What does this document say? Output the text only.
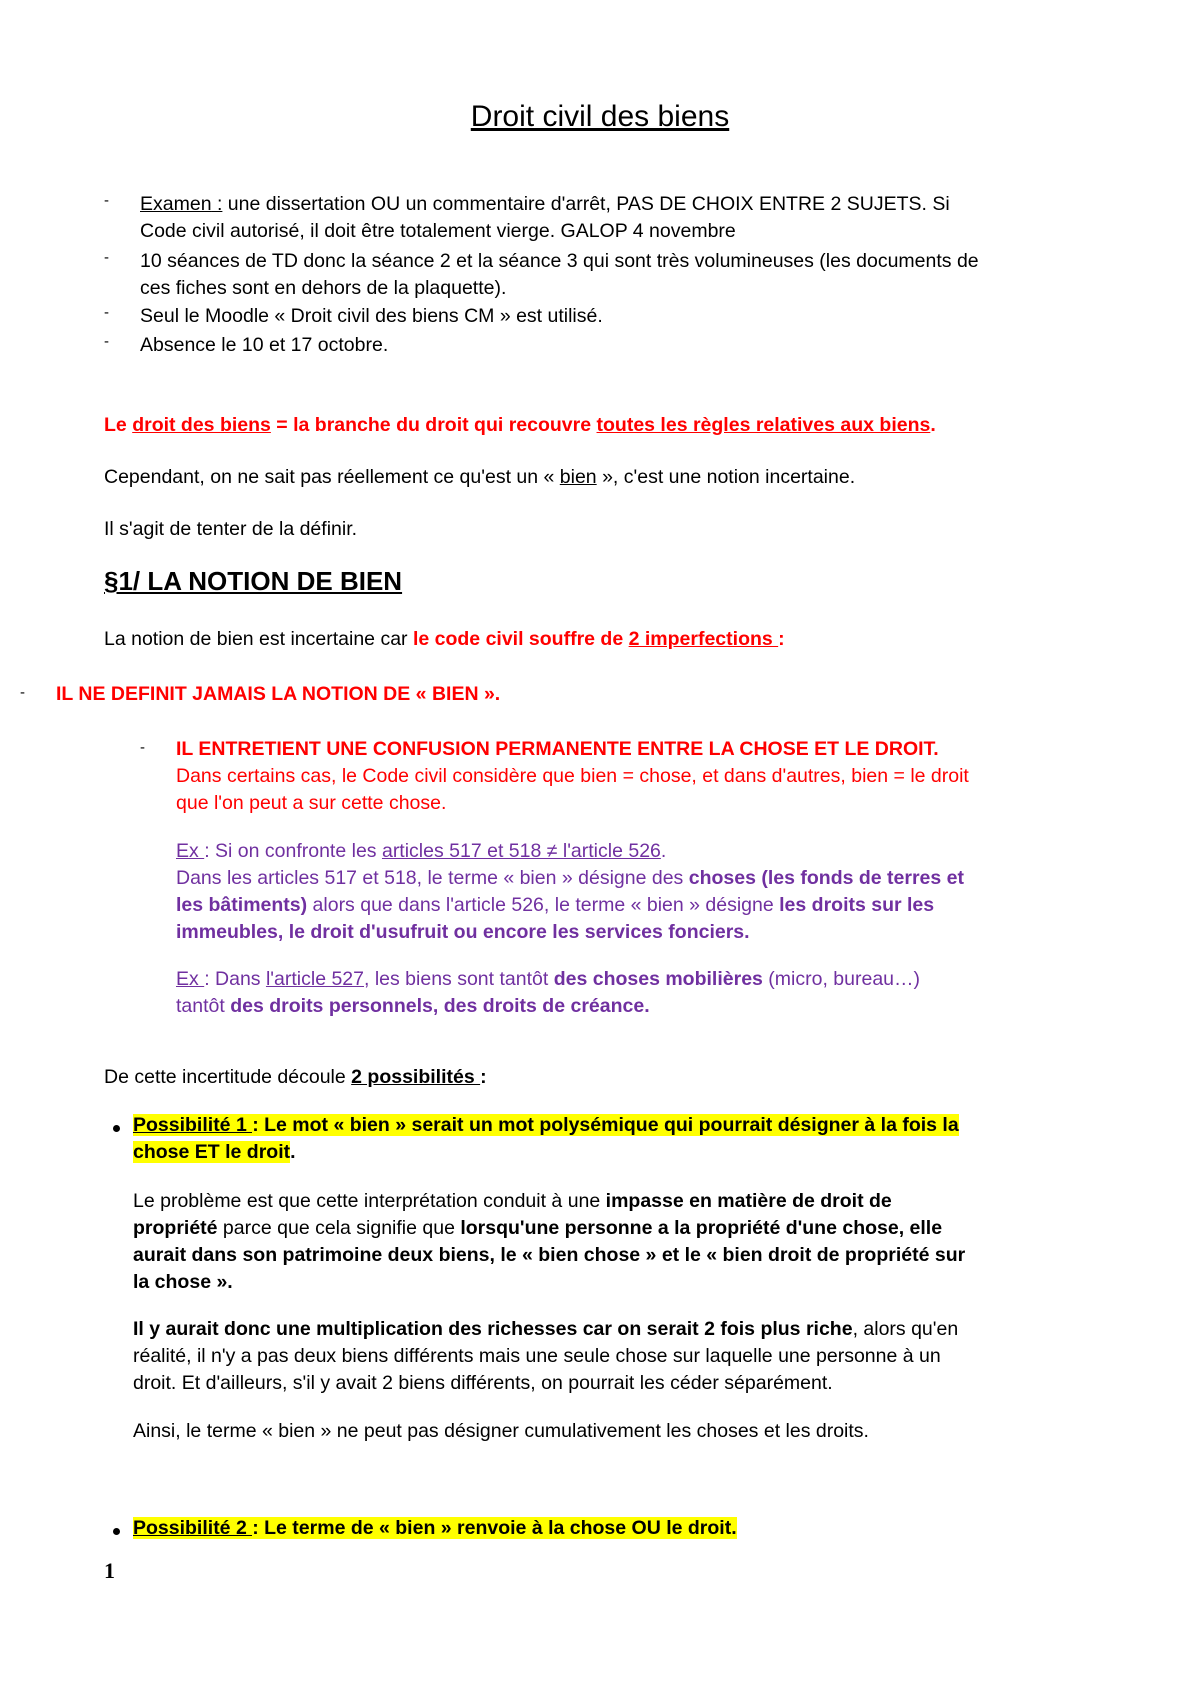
Droit civil des biens
- Examen : une dissertation OU un commentaire d'arrêt, PAS DE CHOIX ENTRE 2 SUJETS. Si
Code civil autorisé, il doit être totalement vierge. GALOP 4 novembre
- 10 séances de TD donc la séance 2 et la séance 3 qui sont très volumineuses (les documents de
ces fiches sont en dehors de la plaquette).
- Seul le Moodle « Droit civil des biens CM » est utilisé.
- Absence le 10 et 17 octobre.
Le droit des biens = la branche du droit qui recouvre toutes les règles relatives aux biens.
Cependant, on ne sait pas réellement ce qu'est un « bien », c'est une notion incertaine.
Il s'agit de tenter de la définir.
§1/ LA NOTION DE BIEN
La notion de bien est incertaine car le code civil souffre de 2 imperfections :
- IL NE DEFINIT JAMAIS LA NOTION DE « BIEN ».
- IL ENTRETIENT UNE CONFUSION PERMANENTE ENTRE LA CHOSE ET LE DROIT.
Dans certains cas, le Code civil considère que bien = chose, et dans d'autres, bien = le droit
que l'on peut a sur cette chose.
Ex : Si on confronte les articles 517 et 518 ≠ l'article 526.
Dans les articles 517 et 518, le terme « bien » désigne des choses (les fonds de terres et
les bâtiments) alors que dans l'article 526, le terme « bien » désigne les droits sur les
immeubles, le droit d'usufruit ou encore les services fonciers.
Ex : Dans l'article 527, les biens sont tantôt des choses mobilières (micro, bureau…)
tantôt des droits personnels, des droits de créance.
De cette incertitude découle 2 possibilités :
Possibilité 1 : Le mot « bien » serait un mot polysémique qui pourrait désigner à la fois la
chose ET le droit.
Le problème est que cette interprétation conduit à une impasse en matière de droit de
propriété parce que cela signifie que lorsqu'une personne a la propriété d'une chose, elle
aurait dans son patrimoine deux biens, le « bien chose » et le « bien droit de propriété sur
la chose ».
Il y aurait donc une multiplication des richesses car on serait 2 fois plus riche, alors qu'en
réalité, il n'y a pas deux biens différents mais une seule chose sur laquelle une personne à un
droit. Et d'ailleurs, s'il y avait 2 biens différents, on pourrait les céder séparément.
Ainsi, le terme « bien » ne peut pas désigner cumulativement les choses et les droits.
Possibilité 2 : Le terme de « bien » renvoie à la chose OU le droit.
1
